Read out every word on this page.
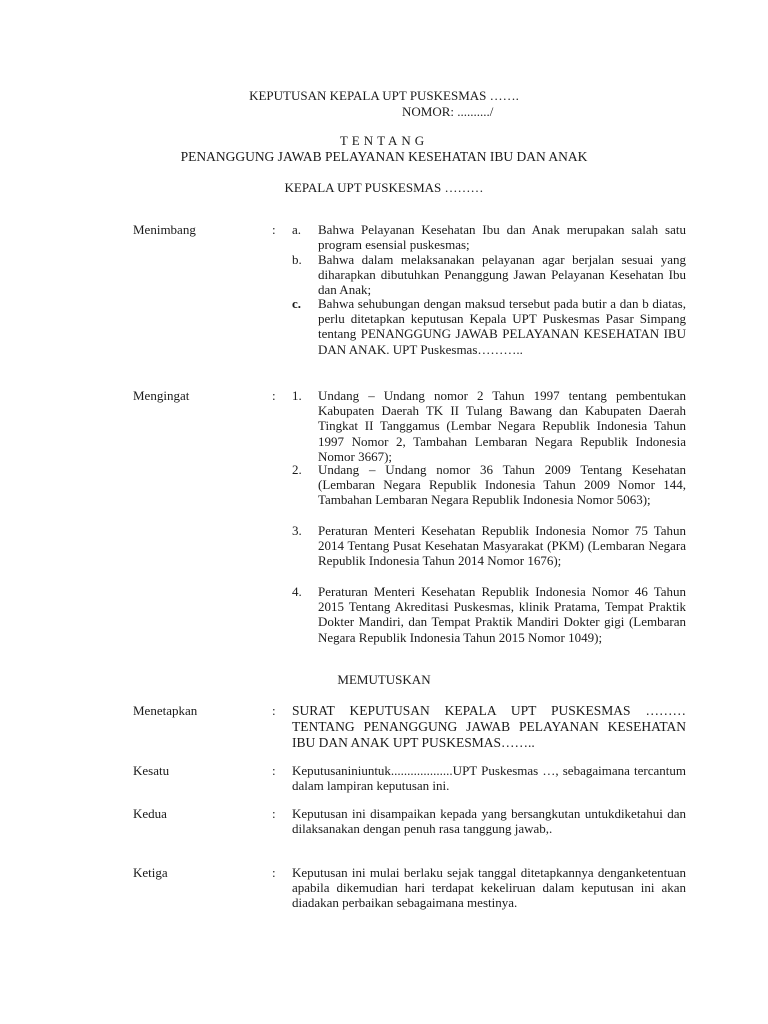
KEPUTUSAN KEPALA UPT PUSKESMAS …….
NOMOR: ........../
TENTANG
PENANGGUNG JAWAB PELAYANAN KESEHATAN IBU DAN ANAK
KEPALA UPT PUSKESMAS ………
Menimbang	: a. Bahwa Pelayanan Kesehatan Ibu dan Anak merupakan salah satu program esensial puskesmas;
b. Bahwa dalam melaksanakan pelayanan agar berjalan sesuai yang diharapkan dibutuhkan Penanggung Jawan Pelayanan Kesehatan Ibu dan Anak;
c. Bahwa sehubungan dengan maksud tersebut pada butir a dan b diatas, perlu ditetapkan keputusan Kepala UPT Puskesmas Pasar Simpang tentang PENANGGUNG JAWAB PELAYANAN KESEHATAN IBU DAN ANAK. UPT Puskesmas………..
Mengingat	: 1. Undang – Undang nomor 2 Tahun 1997 tentang pembentukan Kabupaten Daerah TK II Tulang Bawang dan Kabupaten Daerah Tingkat II Tanggamus (Lembar Negara Republik Indonesia Tahun 1997 Nomor 2, Tambahan Lembaran Negara Republik Indonesia Nomor 3667);
2. Undang – Undang nomor 36 Tahun 2009 Tentang Kesehatan (Lembaran Negara Republik Indonesia Tahun 2009 Nomor 144, Tambahan Lembaran Negara Republik Indonesia Nomor 5063);
3. Peraturan Menteri Kesehatan Republik Indonesia Nomor 75 Tahun 2014 Tentang Pusat Kesehatan Masyarakat (PKM) (Lembaran Negara Republik Indonesia Tahun 2014 Nomor 1676);
4. Peraturan Menteri Kesehatan Republik Indonesia Nomor 46 Tahun 2015 Tentang Akreditasi Puskesmas, klinik Pratama, Tempat Praktik Dokter Mandiri, dan Tempat Praktik Mandiri Dokter gigi (Lembaran Negara Republik Indonesia Tahun 2015 Nomor 1049);
MEMUTUSKAN
Menetapkan	: SURAT KEPUTUSAN KEPALA UPT PUSKESMAS ……… TENTANG PENANGGUNG JAWAB PELAYANAN KESEHATAN IBU DAN ANAK UPT PUSKESMAS……..
Kesatu	: Keputusaniniuntuk...................UPT Puskesmas …, sebagaimana tercantum dalam lampiran keputusan ini.
Kedua	: Keputusan ini disampaikan kepada yang bersangkutan untukdiketahui dan dilaksanakan dengan penuh rasa tanggung jawab,.
Ketiga	: Keputusan ini mulai berlaku sejak tanggal ditetapkannya denganketentuan apabila dikemudian hari terdapat kekeliruan dalam keputusan ini akan diadakan perbaikan sebagaimana mestinya.
